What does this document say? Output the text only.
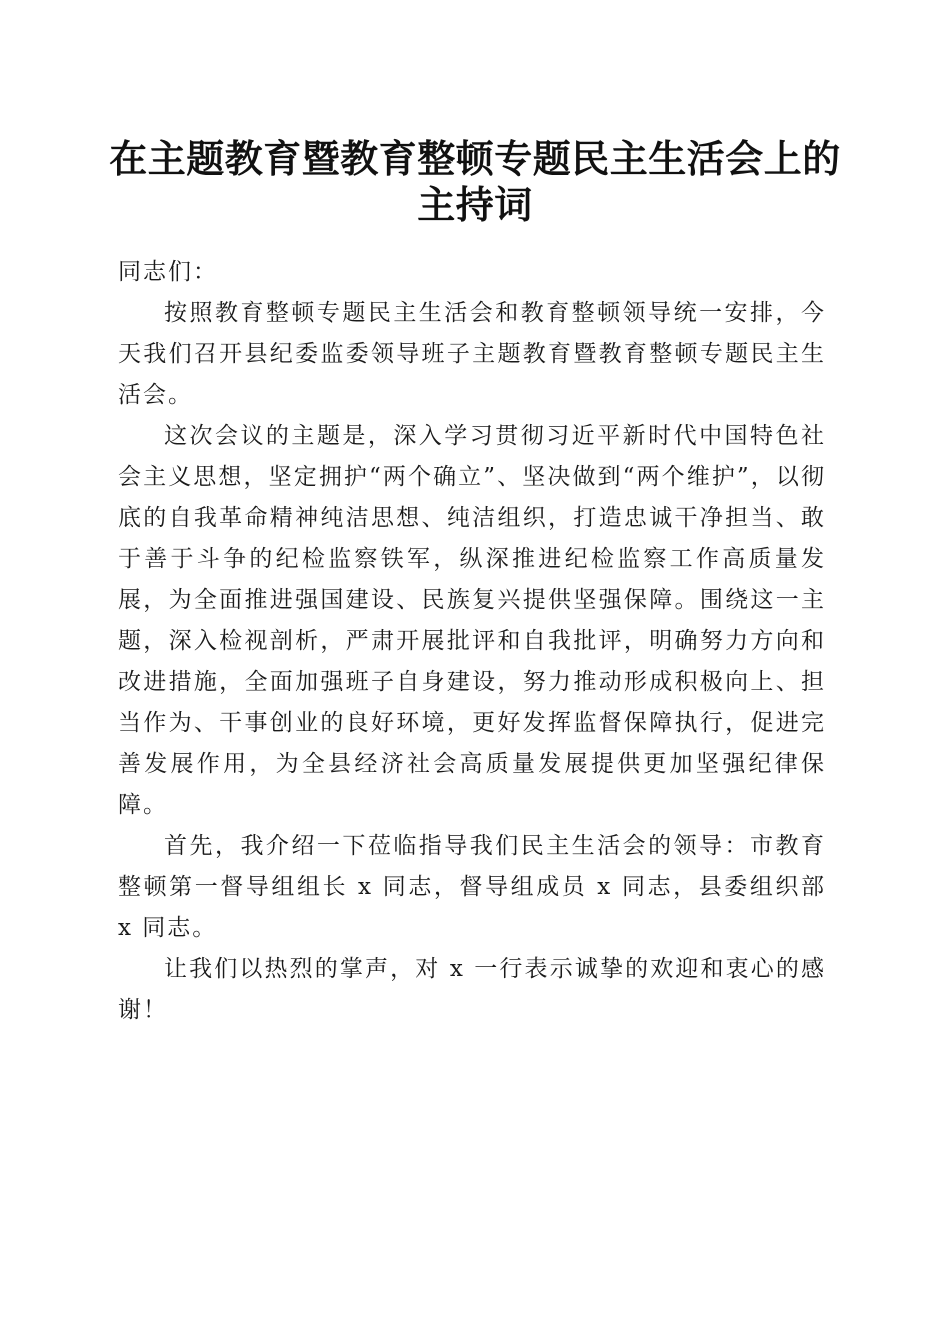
在主题教育暨教育整顿专题民主生活会上的主持词

同志们：

按照教育整顿专题民主生活会和教育整顿领导统一安排，今天我们召开县纪委监委领导班子主题教育暨教育整顿专题民主生活会。

这次会议的主题是，深入学习贯彻习近平新时代中国特色社会主义思想，坚定拥护“两个确立”、坚决做到“两个维护”，以彻底的自我革命精神纯洁思想、纯洁组织，打造忠诚干净担当、敢于善于斗争的纪检监察铁军，纵深推进纪检监察工作高质量发展，为全面推进强国建设、民族复兴提供坚强保障。围绕这一主题，深入检视剖析，严肃开展批评和自我批评，明确努力方向和改进措施，全面加强班子自身建设，努力推动形成积极向上、担当作为、干事创业的良好环境，更好发挥监督保障执行，促进完善发展作用，为全县经济社会高质量发展提供更加坚强纪律保障。

首先，我介绍一下莅临指导我们民主生活会的领导：市教育整顿第一督导组组长 x 同志，督导组成员 x 同志，县委组织部 x 同志。

让我们以热烈的掌声，对 x 一行表示诚挚的欢迎和衷心的感谢！
